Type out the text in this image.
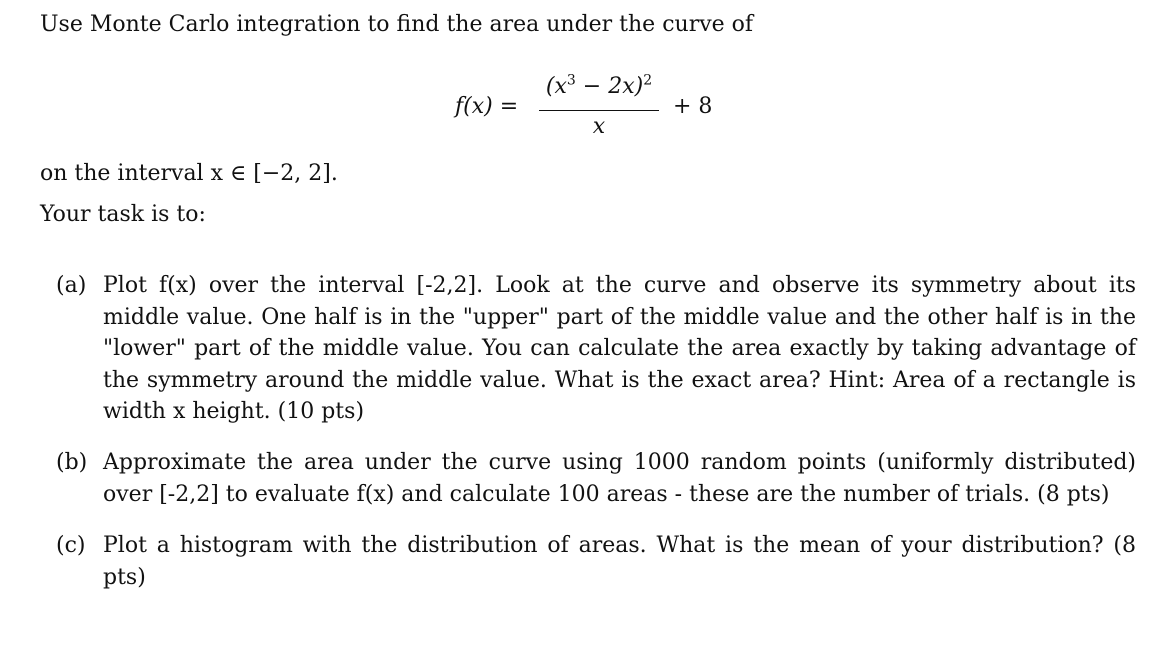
Use Monte Carlo integration to find the area under the curve of
f(x) =
$(x^3 - 2x)^2$
x
+ 8
on the interval x ∈ [−2, 2].
Your task is to:
(a) Plot f(x) over the interval [-2,2]. Look at the curve and observe its symmetry about its middle value. One half is in the "upper" part of the middle value and the other half is in the "lower" part of the middle value. You can calculate the area exactly by taking advantage of the symmetry around the middle value. What is the exact area? Hint: Area of a rectangle is width x height. (10 pts)
(b) Approximate the area under the curve using 1000 random points (uniformly distributed) over [-2,2] to evaluate f(x) and calculate 100 areas - these are the number of trials. (8 pts)
(c) Plot a histogram with the distribution of areas. What is the mean of your distribution? (8 pts)
